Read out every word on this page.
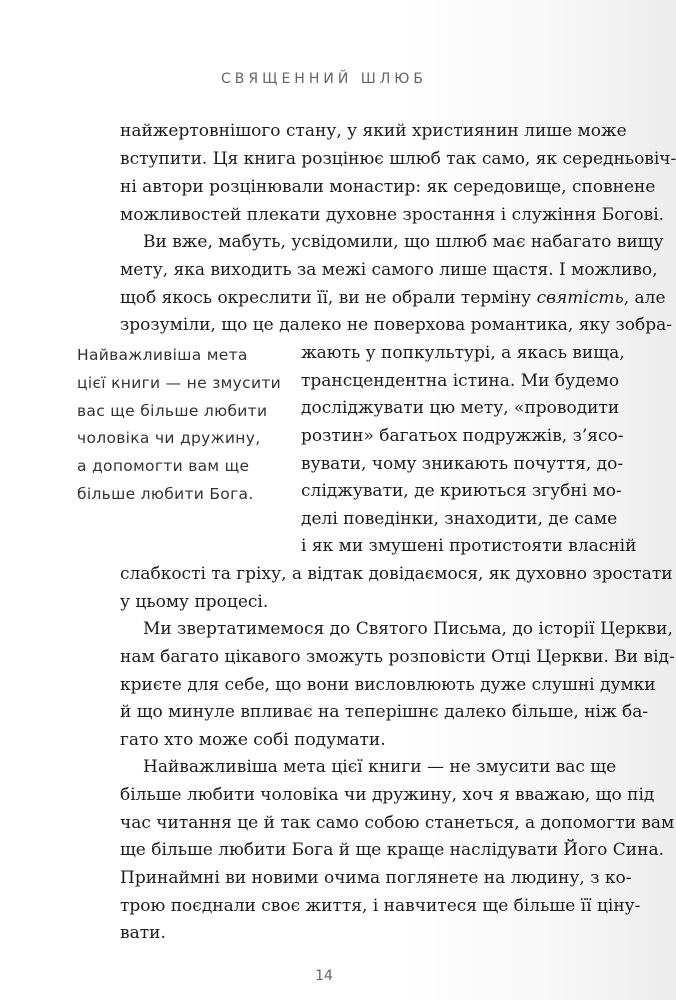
СВЯЩЕННИЙ ШЛЮБ
найжертовнішого стану, у який християнин лише може
вступити. Ця книга розцінює шлюб так само, як середньовіч-
ні автори розцінювали монастир: як середовище, сповнене
можливостей плекати духовне зростання і служіння Богові.
Ви вже, мабуть, усвідомили, що шлюб має набагато вищу
мету, яка виходить за межі самого лише щастя. І можливо,
щоб якось окреслити її, ви не обрали терміну святість, але
зрозуміли, що це далеко не поверхова романтика, яку зобра-
жають у попкультурі, а якась вища,
трансцендентна істина. Ми будемо
досліджувати цю мету, «проводити
розтин» багатьох подружжів, з’ясо-
вувати, чому зникають почуття, до-
сліджувати, де криються згубні мо-
делі поведінки, знаходити, де саме
і як ми змушені протистояти власній
слабкості та гріху, а відтак довідаємося, як духовно зростати
у цьому процесі.
Ми звертатимемося до Святого Письма, до історії Церкви,
нам багато цікавого зможуть розповісти Отці Церкви. Ви від-
криєте для себе, що вони висловлюють дуже слушні думки
й що минуле впливає на теперішнє далеко більше, ніж ба-
гато хто може собі подумати.
Найважливіша мета цієї книги — не змусити вас ще
більше любити чоловіка чи дружину, хоч я вважаю, що під
час читання це й так само собою станеться, а допомогти вам
ще більше любити Бога й ще краще наслідувати Його Сина.
Принаймні ви новими очима поглянете на людину, з ко-
трою поєднали своє життя, і навчитеся ще більше її ціну-
вати.
Найважливіша мета
цієї книги — не змусити
вас ще більше любити
чоловіка чи дружину,
а допомогти вам ще
більше любити Бога.
14
